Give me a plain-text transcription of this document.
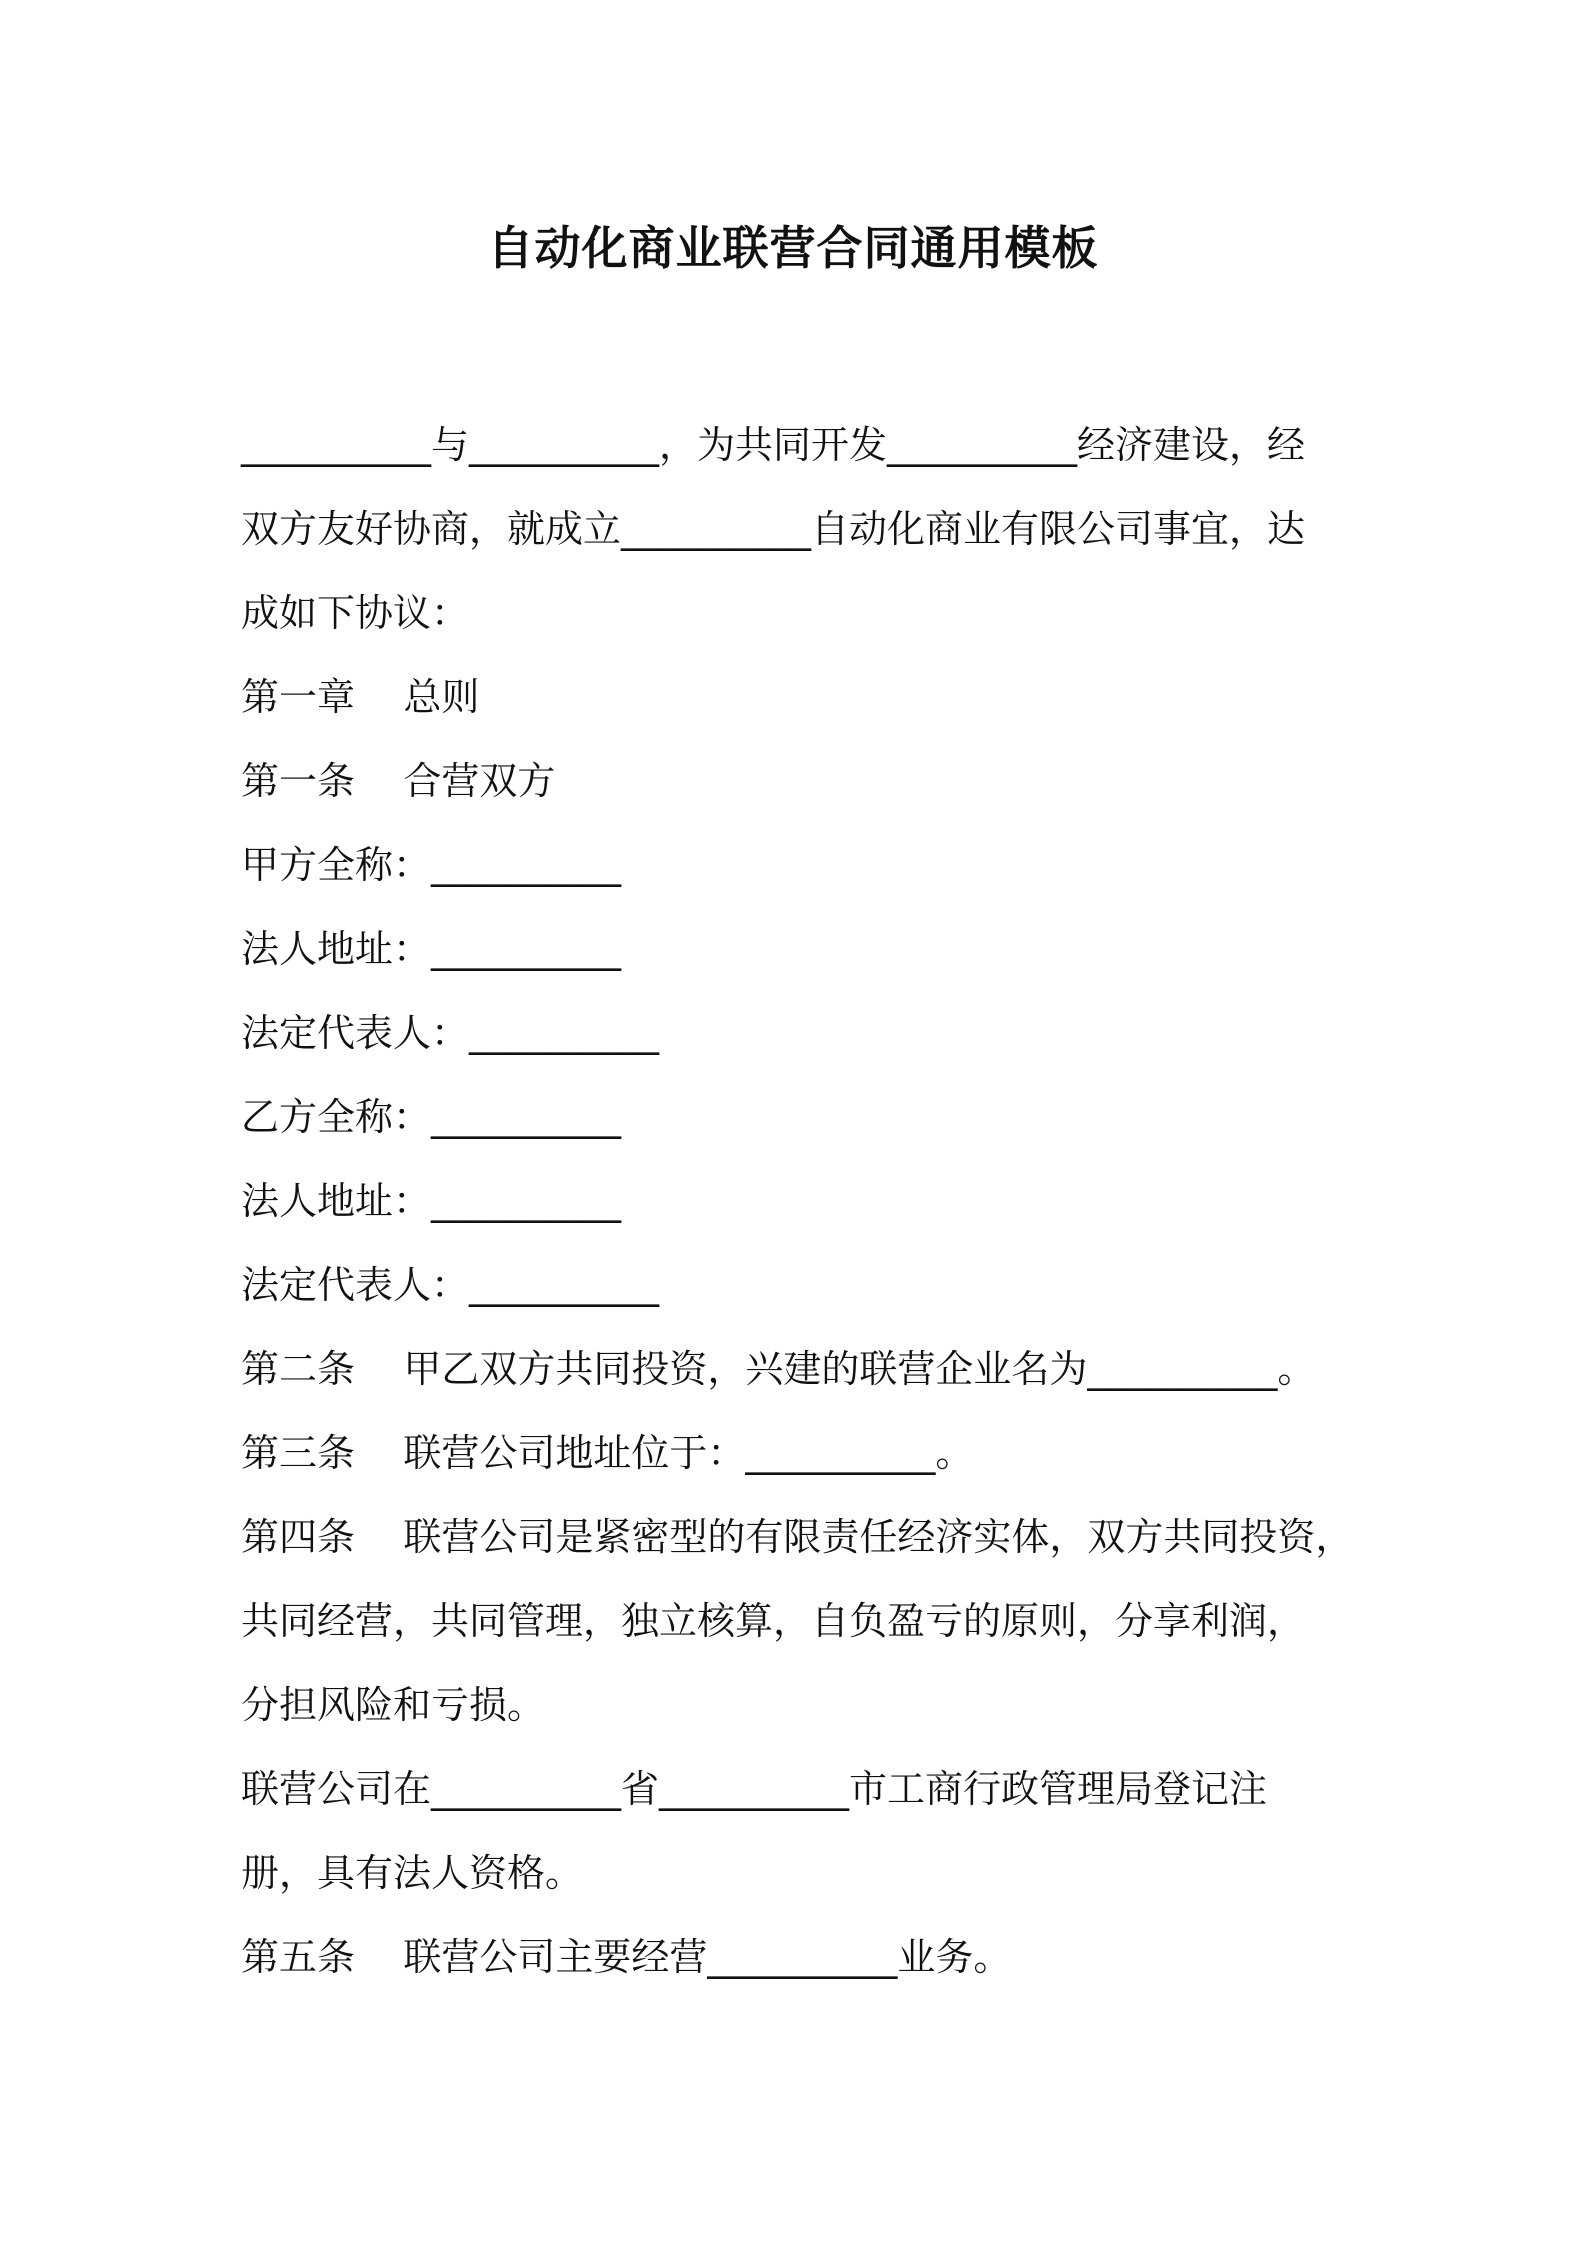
自动化商业联营合同通用模板
__________与__________，为共同开发__________经济建设，经
双方友好协商，就成立__________自动化商业有限公司事宜，达
成如下协议：
第一章    总则
第一条    合营双方
甲方全称：__________
法人地址：__________
法定代表人：__________
乙方全称：__________
法人地址：__________
法定代表人：__________
第二条    甲乙双方共同投资，兴建的联营企业名为__________。
第三条    联营公司地址位于：__________。
第四条    联营公司是紧密型的有限责任经济实体，双方共同投资，
共同经营，共同管理，独立核算，自负盈亏的原则，分享利润，
分担风险和亏损。
联营公司在__________省__________市工商行政管理局登记注
册，具有法人资格。
第五条    联营公司主要经营__________业务。
